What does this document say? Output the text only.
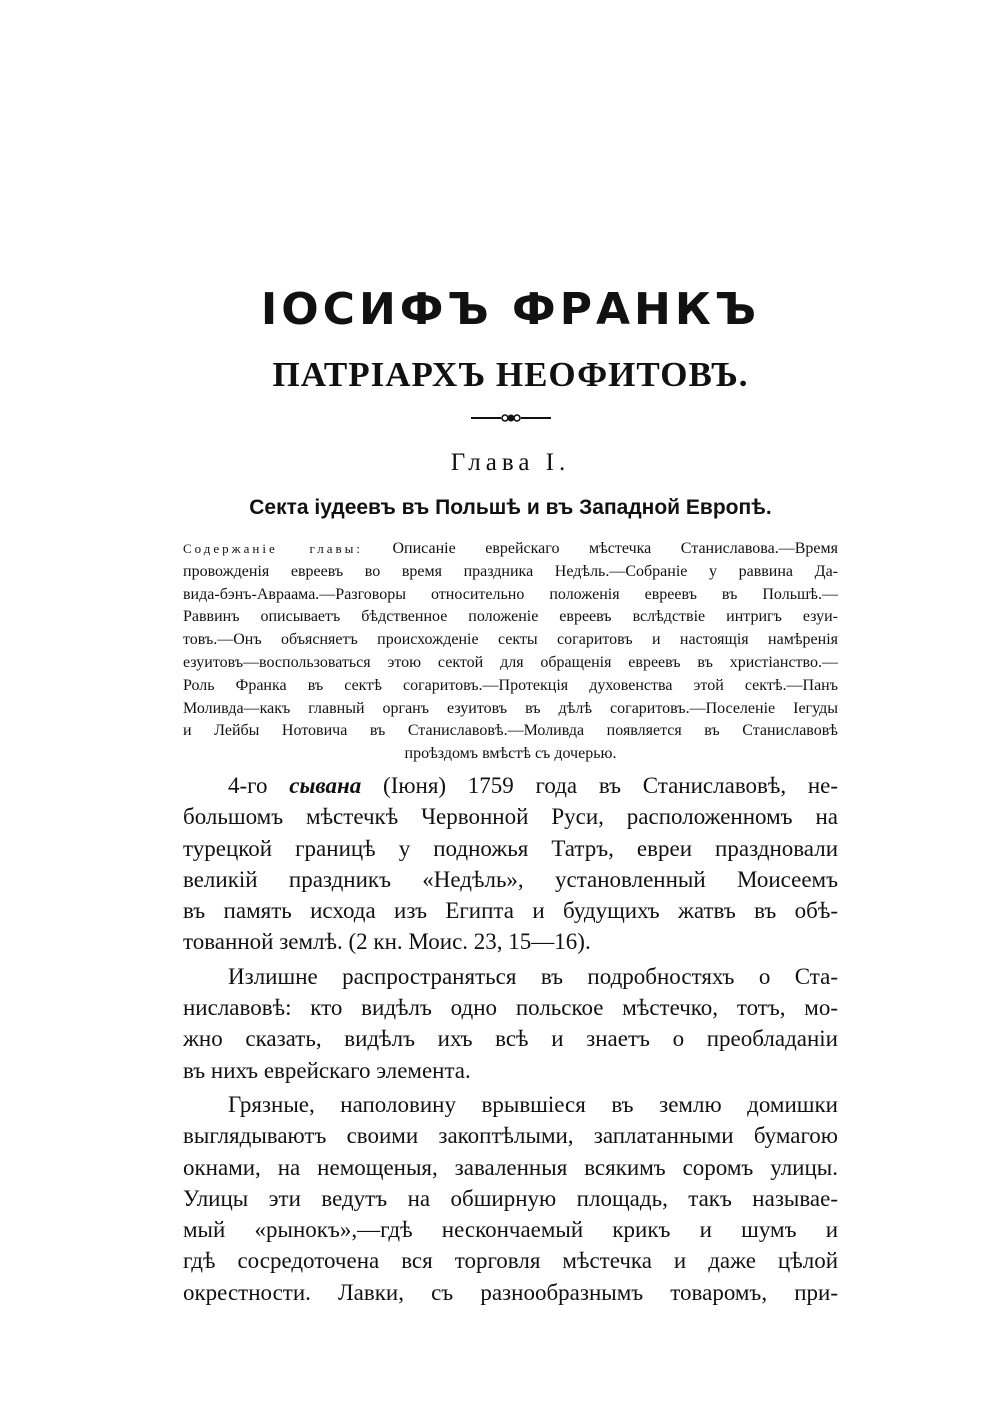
ІОСИФЪ ФРАНКЪ
ПАТРІАРХЪ НЕОФИТОВЪ.
Глава I.
Секта іудеевъ въ Польшѣ и въ Западной Европѣ.
Содержаніе главы: Описаніе еврейскаго мѣстечка Станиславова.—Время
провожденія евреевъ во время праздника Недѣль.—Собраніе у раввина Да-
вида-бэнъ-Авраама.—Разговоры относительно положенія евреевъ въ Польшѣ.—
Раввинъ описываетъ бѣдственное положеніе евреевъ вслѣдствіе интригъ езуи-
товъ.—Онъ объясняетъ происхожденіе секты согаритовъ и настоящія намѣренія
езуитовъ—воспользоваться этою сектой для обращенія евреевъ въ христіанство.—
Роль Франка въ сектѣ согаритовъ.—Протекція духовенства этой сектѣ.—Панъ
Моливда—какъ главный органъ езуитовъ въ дѣлѣ согаритовъ.—Поселеніе Іегуды
и Лейбы Нотовича въ Станиславовѣ.—Моливда появляется въ Станиславовѣ
проѣздомъ вмѣстѣ съ дочерью.
4-го сывана (Іюня) 1759 года въ Станиславовѣ, не-
большомъ мѣстечкѣ Червонной Руси, расположенномъ на
турецкой границѣ у подножья Татръ, евреи праздновали
великій праздникъ «Недѣль», установленный Моисеемъ
въ память исхода изъ Египта и будущихъ жатвъ въ обѣ-
тованной землѣ. (2 кн. Моис. 23, 15—16).
Излишне распространяться въ подробностяхъ о Ста-
ниславовѣ: кто видѣлъ одно польское мѣстечко, тотъ, мо-
жно сказать, видѣлъ ихъ всѣ и знаетъ о преобладаніи
въ нихъ еврейскаго элемента.
Грязные, наполовину врывшіеся въ землю домишки
выглядываютъ своими закоптѣлыми, заплатанными бумагою
окнами, на немощеныя, заваленныя всякимъ соромъ улицы.
Улицы эти ведутъ на обширную площадь, такъ называе-
мый «рынокъ»,—гдѣ нескончаемый крикъ и шумъ и
гдѣ сосредоточена вся торговля мѣстечка и даже цѣлой
окрестности. Лавки, съ разнообразнымъ товаромъ, при-
